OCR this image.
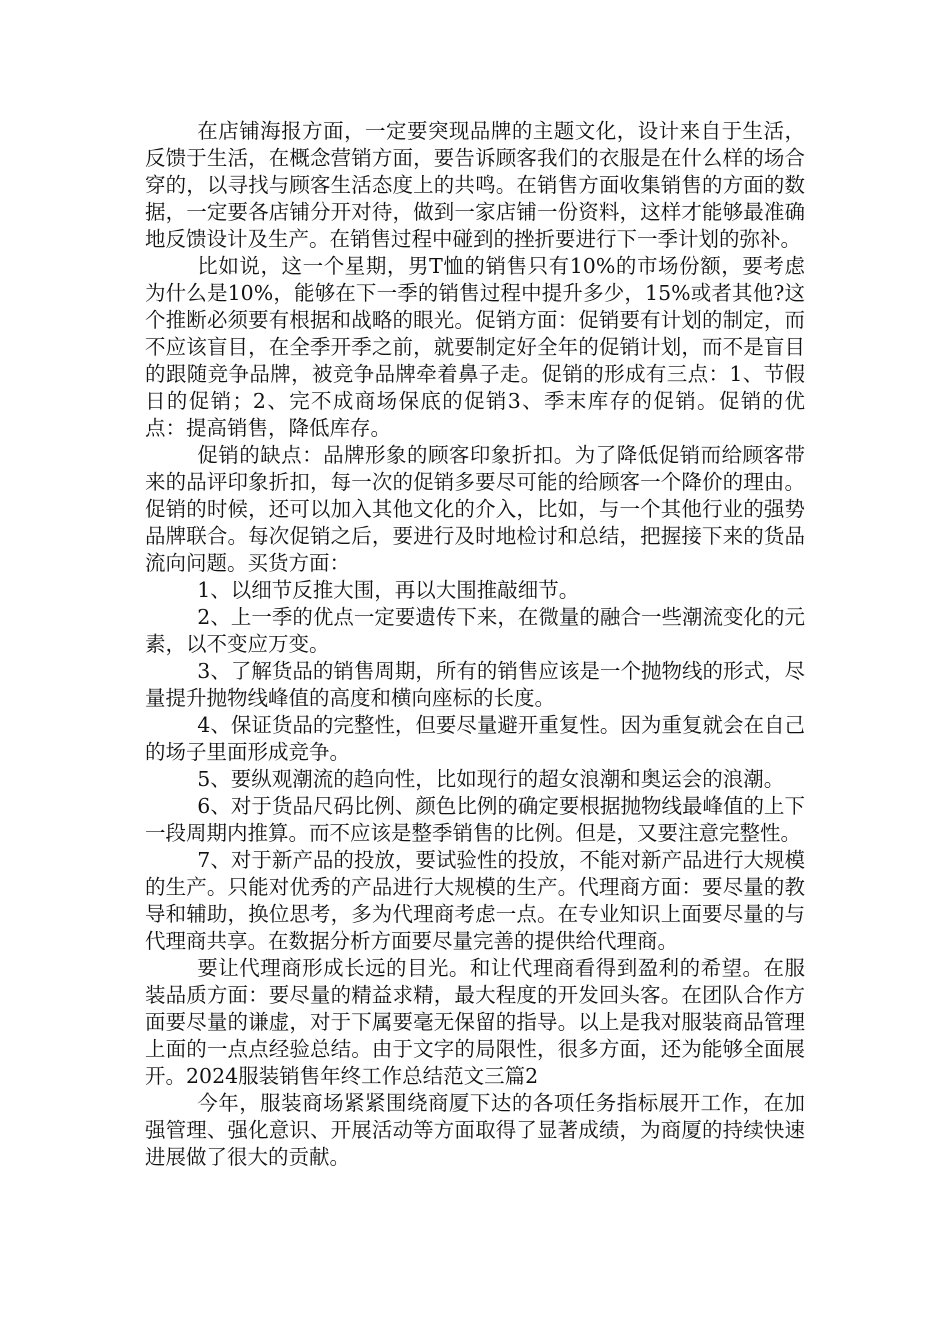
在店铺海报方面，一定要突现品牌的主题文化，设计来自于生活，反馈于生活，在概念营销方面，要告诉顾客我们的衣服是在什么样的场合穿的，以寻找与顾客生活态度上的共鸣。在销售方面收集销售的方面的数据，一定要各店铺分开对待，做到一家店铺一份资料，这样才能够最准确地反馈设计及生产。在销售过程中碰到的挫折要进行下一季计划的弥补。

比如说，这一个星期，男T恤的销售只有10%的市场份额，要考虑为什么是10%，能够在下一季的销售过程中提升多少，15%或者其他?这个推断必须要有根据和战略的眼光。促销方面：促销要有计划的制定，而不应该盲目，在全季开季之前，就要制定好全年的促销计划，而不是盲目的跟随竞争品牌，被竞争品牌牵着鼻子走。促销的形成有三点：1、节假日的促销；2、完不成商场保底的促销3、季末库存的促销。促销的优点：提高销售，降低库存。

促销的缺点：品牌形象的顾客印象折扣。为了降低促销而给顾客带来的品评印象折扣，每一次的促销多要尽可能的给顾客一个降价的理由。促销的时候，还可以加入其他文化的介入，比如，与一个其他行业的强势品牌联合。每次促销之后，要进行及时地检讨和总结，把握接下来的货品流向问题。买货方面：

1、以细节反推大围，再以大围推敲细节。

2、上一季的优点一定要遗传下来，在微量的融合一些潮流变化的元素，以不变应万变。

3、了解货品的销售周期，所有的销售应该是一个抛物线的形式，尽量提升抛物线峰值的高度和横向座标的长度。

4、保证货品的完整性，但要尽量避开重复性。因为重复就会在自己的场子里面形成竞争。

5、要纵观潮流的趋向性，比如现行的超女浪潮和奥运会的浪潮。

6、对于货品尺码比例、颜色比例的确定要根据抛物线最峰值的上下一段周期内推算。而不应该是整季销售的比例。但是，又要注意完整性。

7、对于新产品的投放，要试验性的投放，不能对新产品进行大规模的生产。只能对优秀的产品进行大规模的生产。代理商方面：要尽量的教导和辅助，换位思考，多为代理商考虑一点。在专业知识上面要尽量的与代理商共享。在数据分析方面要尽量完善的提供给代理商。

要让代理商形成长远的目光。和让代理商看得到盈利的希望。在服装品质方面：要尽量的精益求精，最大程度的开发回头客。在团队合作方面要尽量的谦虚，对于下属要毫无保留的指导。以上是我对服装商品管理上面的一点点经验总结。由于文字的局限性，很多方面，还为能够全面展开。2024服装销售年终工作总结范文三篇2

今年，服装商场紧紧围绕商厦下达的各项任务指标展开工作，在加强管理、强化意识、开展活动等方面取得了显著成绩，为商厦的持续快速进展做了很大的贡献。
